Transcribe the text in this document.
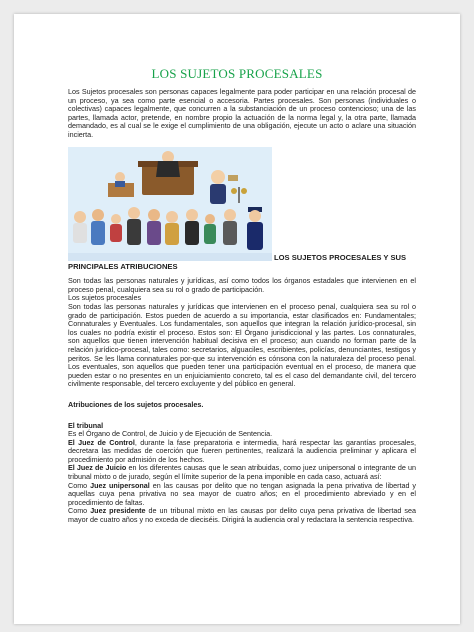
LOS SUJETOS PROCESALES

Los Sujetos procesales son personas capaces legalmente para poder participar en una relación procesal de un proceso, ya sea como parte esencial o accesoria. Partes procesales. Son personas (individuales o colectivas) capaces legalmente, que concurren a la substanciación de un proceso contencioso; una de las partes, llamada actor, pretende, en nombre propio la actuación de la norma legal y, la otra parte, llamada demandado, es al cual se le exige el cumplimiento de una obligación, ejecute un acto o aclare una situación incierta.

LOS SUJETOS PROCESALES Y SUS
PRINCIPALES ATRIBUCIONES

Son todas las personas naturales y jurídicas, así como todos los órganos estadales que intervienen en el proceso penal, cualquiera sea su rol o grado de participación.

Los sujetos procesales

Son todas las personas naturales y jurídicas que intervienen en el proceso penal, cualquiera sea su rol o grado de participación. Estos pueden de acuerdo a su importancia, estar clasificados en: Fundamentales; Connaturales y Eventuales. Los fundamentales, son aquellos que integran la relación jurídico-procesal, sin los cuales no podría existir el proceso. Estos son: El Órgano jurisdiccional y las partes. Los connaturales, son aquellos que tienen intervención habitual decisiva en el proceso; aun cuando no forman parte de la relación jurídico-procesal, tales como: secretarios, alguaciles, escribientes, policías, denunciantes, testigos y peritos. Se les llama connaturales por-que su intervención es cónsona con la naturaleza del proceso penal. Los eventuales, son aquellos que pueden tener una participación eventual en el proceso, de manera que pueden estar o no presentes en un enjuiciamiento concreto, tal es el caso del demandante civil, del tercero civilmente responsable, del tercero excluyente y del público en general.

Atribuciones de los sujetos procesales.

El tribunal

Es el Órgano de Control, de Juicio y de Ejecución de Sentencia.

El Juez de Control, durante la fase preparatoria e intermedia, hará respectar las garantías procesales, decretara las medidas de coerción que fueren pertinentes, realizará la audiencia preliminar y aplicara el procedimiento por admisión de los hechos.

El Juez de Juicio en los diferentes causas que le sean atribuidas, como juez unipersonal o integrante de un tribunal mixto o de jurado, según el límite superior de la pena imponible en cada caso, actuará así:

Como Juez unipersonal en las causas por delito que no tengan asignada la pena privativa de libertad y aquellas cuya pena privativa no sea mayor de cuatro años; en el procedimiento abreviado y en el procedimiento de faltas.

Como Juez presidente de un tribunal mixto en las causas por delito cuya pena privativa de libertad sea mayor de cuatro años y no exceda de dieciséis. Dirigirá la audiencia oral y redactara la sentencia respectiva.
